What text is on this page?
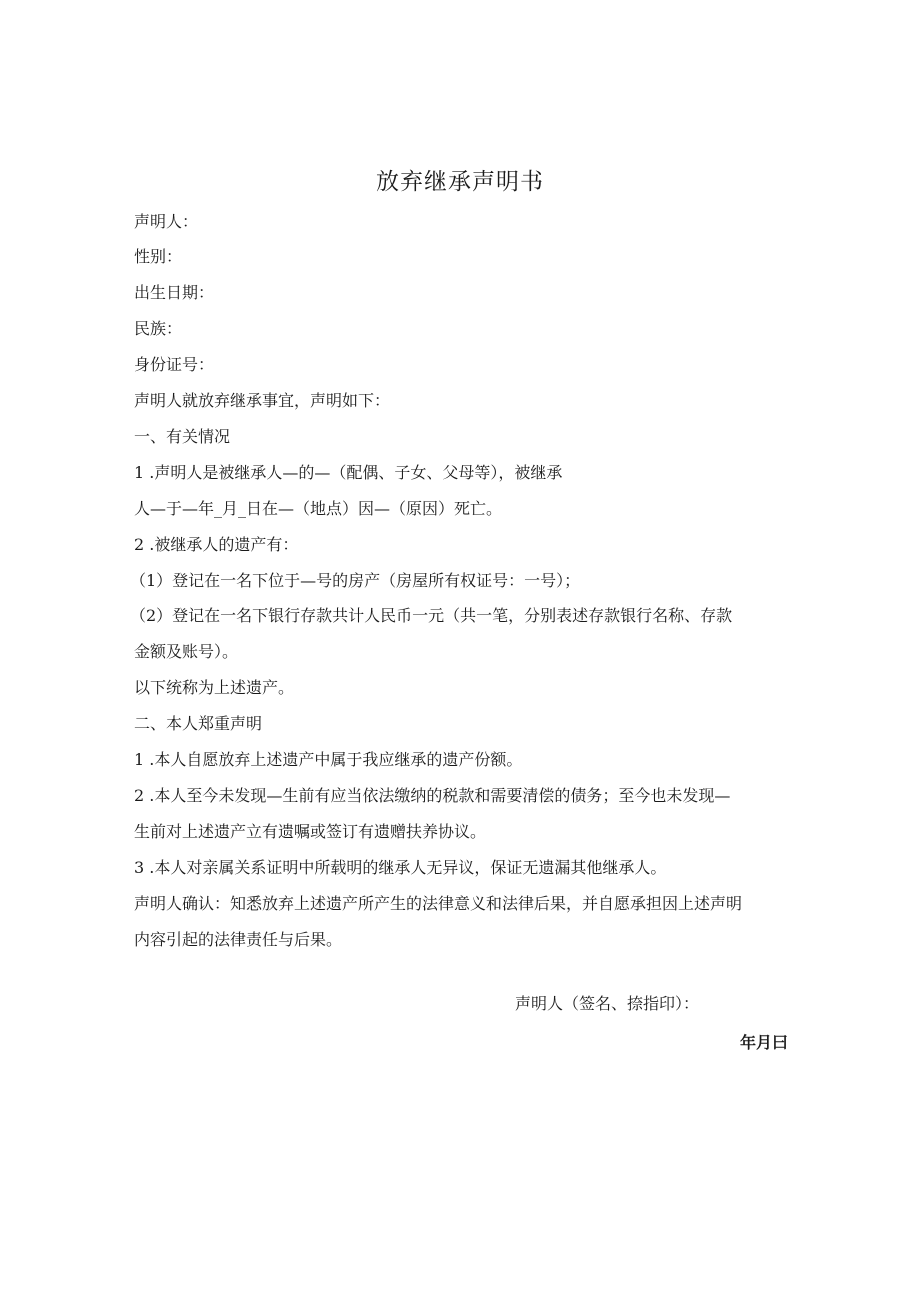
放弃继承声明书
声明人：
性别：
出生日期：
民族：
身份证号：
声明人就放弃继承事宜，声明如下：
一、有关情况
1 .声明人是被继承人—的—（配偶、子女、父母等），被继承
人—于—年_月_日在—（地点）因—（原因）死亡。
2 .被继承人的遗产有：
（1）登记在一名下位于—号的房产（房屋所有权证号：一号）；
（2）登记在一名下银行存款共计人民币一元（共一笔，分别表述存款银行名称、存款
金额及账号）。
以下统称为上述遗产。
二、本人郑重声明
1 .本人自愿放弃上述遗产中属于我应继承的遗产份额。
2 .本人至今未发现—生前有应当依法缴纳的税款和需要清偿的债务；至今也未发现—
生前对上述遗产立有遗嘱或签订有遗赠扶养协议。
3 .本人对亲属关系证明中所载明的继承人无异议，保证无遗漏其他继承人。
声明人确认：知悉放弃上述遗产所产生的法律意义和法律后果，并自愿承担因上述声明
内容引起的法律责任与后果。
声明人（签名、捺指印）：
年月曰
